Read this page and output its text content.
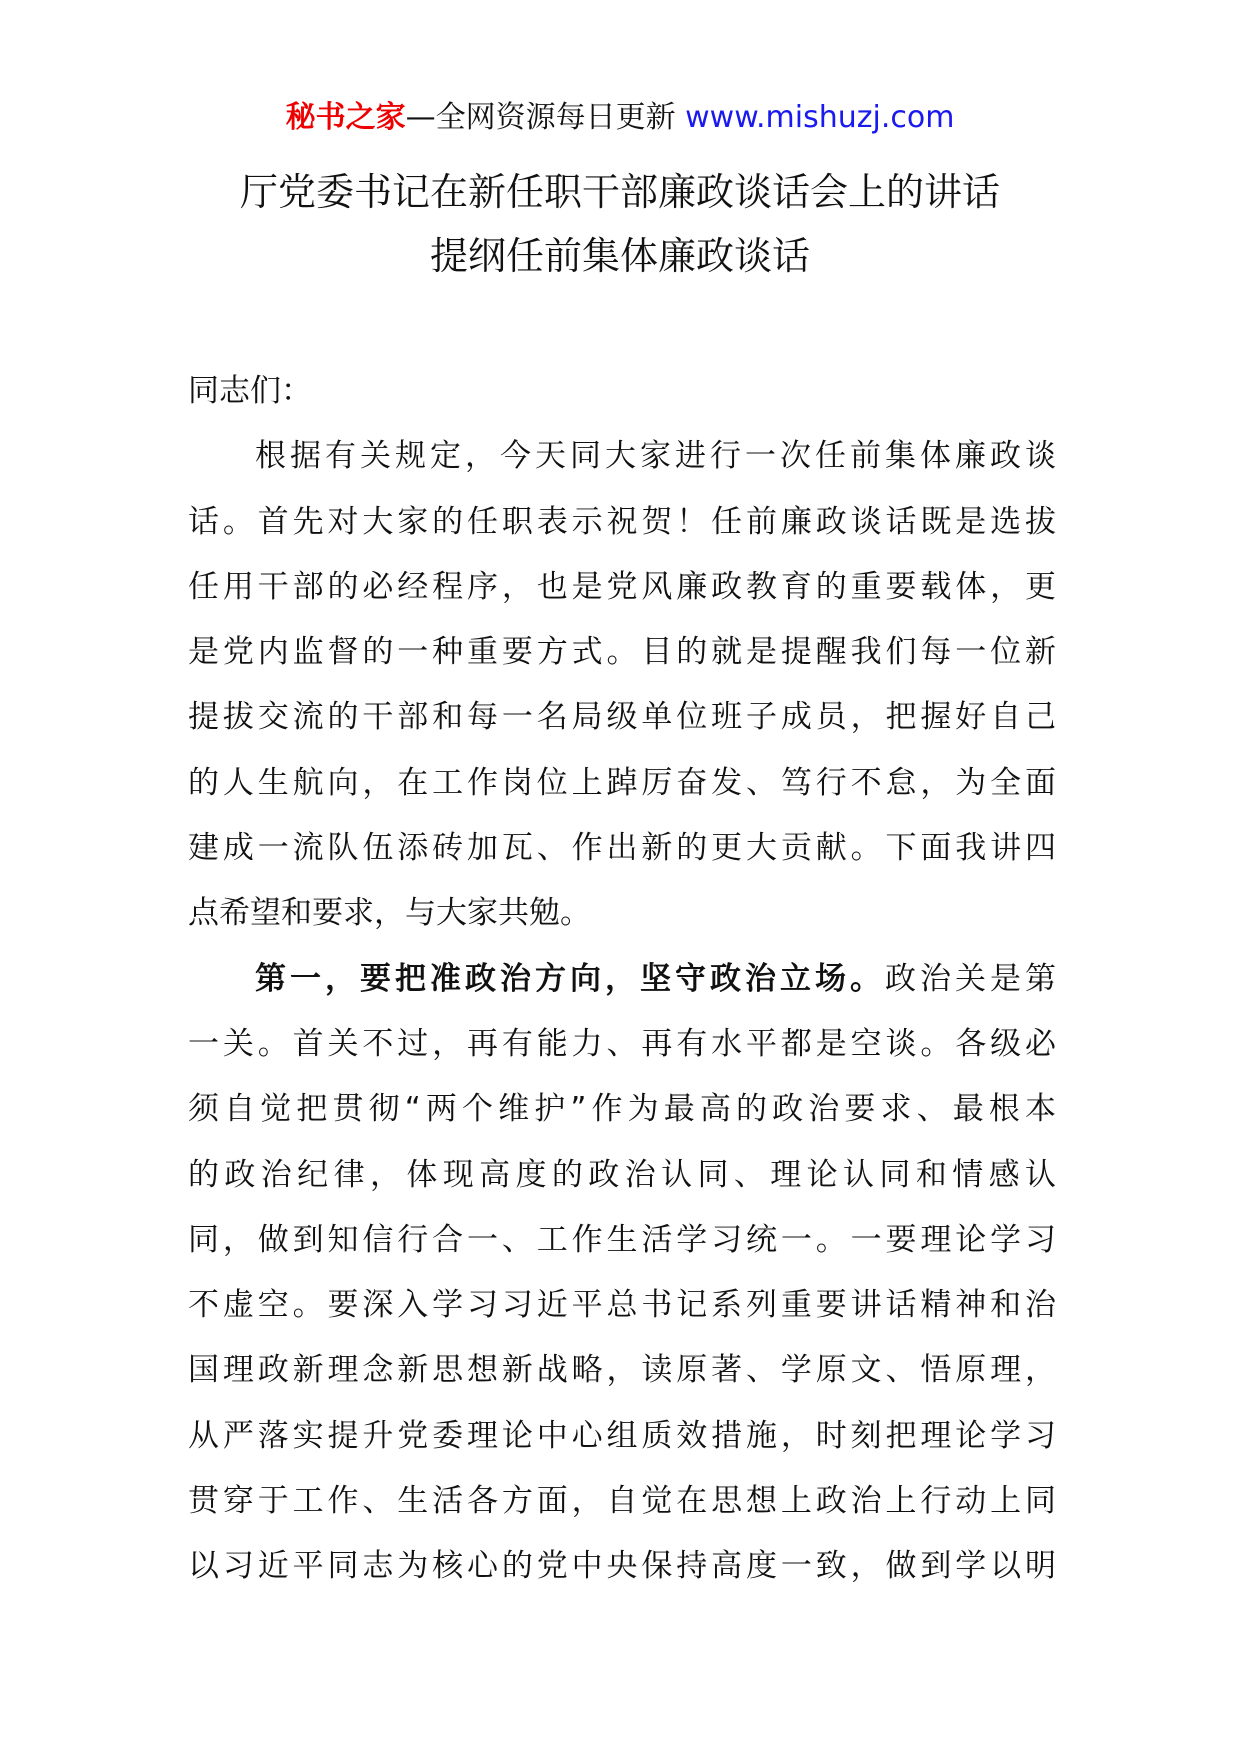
秘书之家—全网资源每日更新 www.mishuzj.com
厅党委书记在新任职干部廉政谈话会上的讲话
提纲任前集体廉政谈话
同志们：
根据有关规定，今天同大家进行一次任前集体廉政谈
话。首先对大家的任职表示祝贺！任前廉政谈话既是选拔
任用干部的必经程序，也是党风廉政教育的重要载体，更
是党内监督的一种重要方式。目的就是提醒我们每一位新
提拔交流的干部和每一名局级单位班子成员，把握好自己
的人生航向，在工作岗位上踔厉奋发、笃行不怠，为全面
建成一流队伍添砖加瓦、作出新的更大贡献。下面我讲四
点希望和要求，与大家共勉。
第一，要把准政治方向，坚守政治立场。政治关是第
一关。首关不过，再有能力、再有水平都是空谈。各级必
须自觉把贯彻“两个维护”作为最高的政治要求、最根本
的政治纪律，体现高度的政治认同、理论认同和情感认
同，做到知信行合一、工作生活学习统一。一要理论学习
不虚空。要深入学习习近平总书记系列重要讲话精神和治
国理政新理念新思想新战略，读原著、学原文、悟原理，
从严落实提升党委理论中心组质效措施，时刻把理论学习
贯穿于工作、生活各方面，自觉在思想上政治上行动上同
以习近平同志为核心的党中央保持高度一致，做到学以明
